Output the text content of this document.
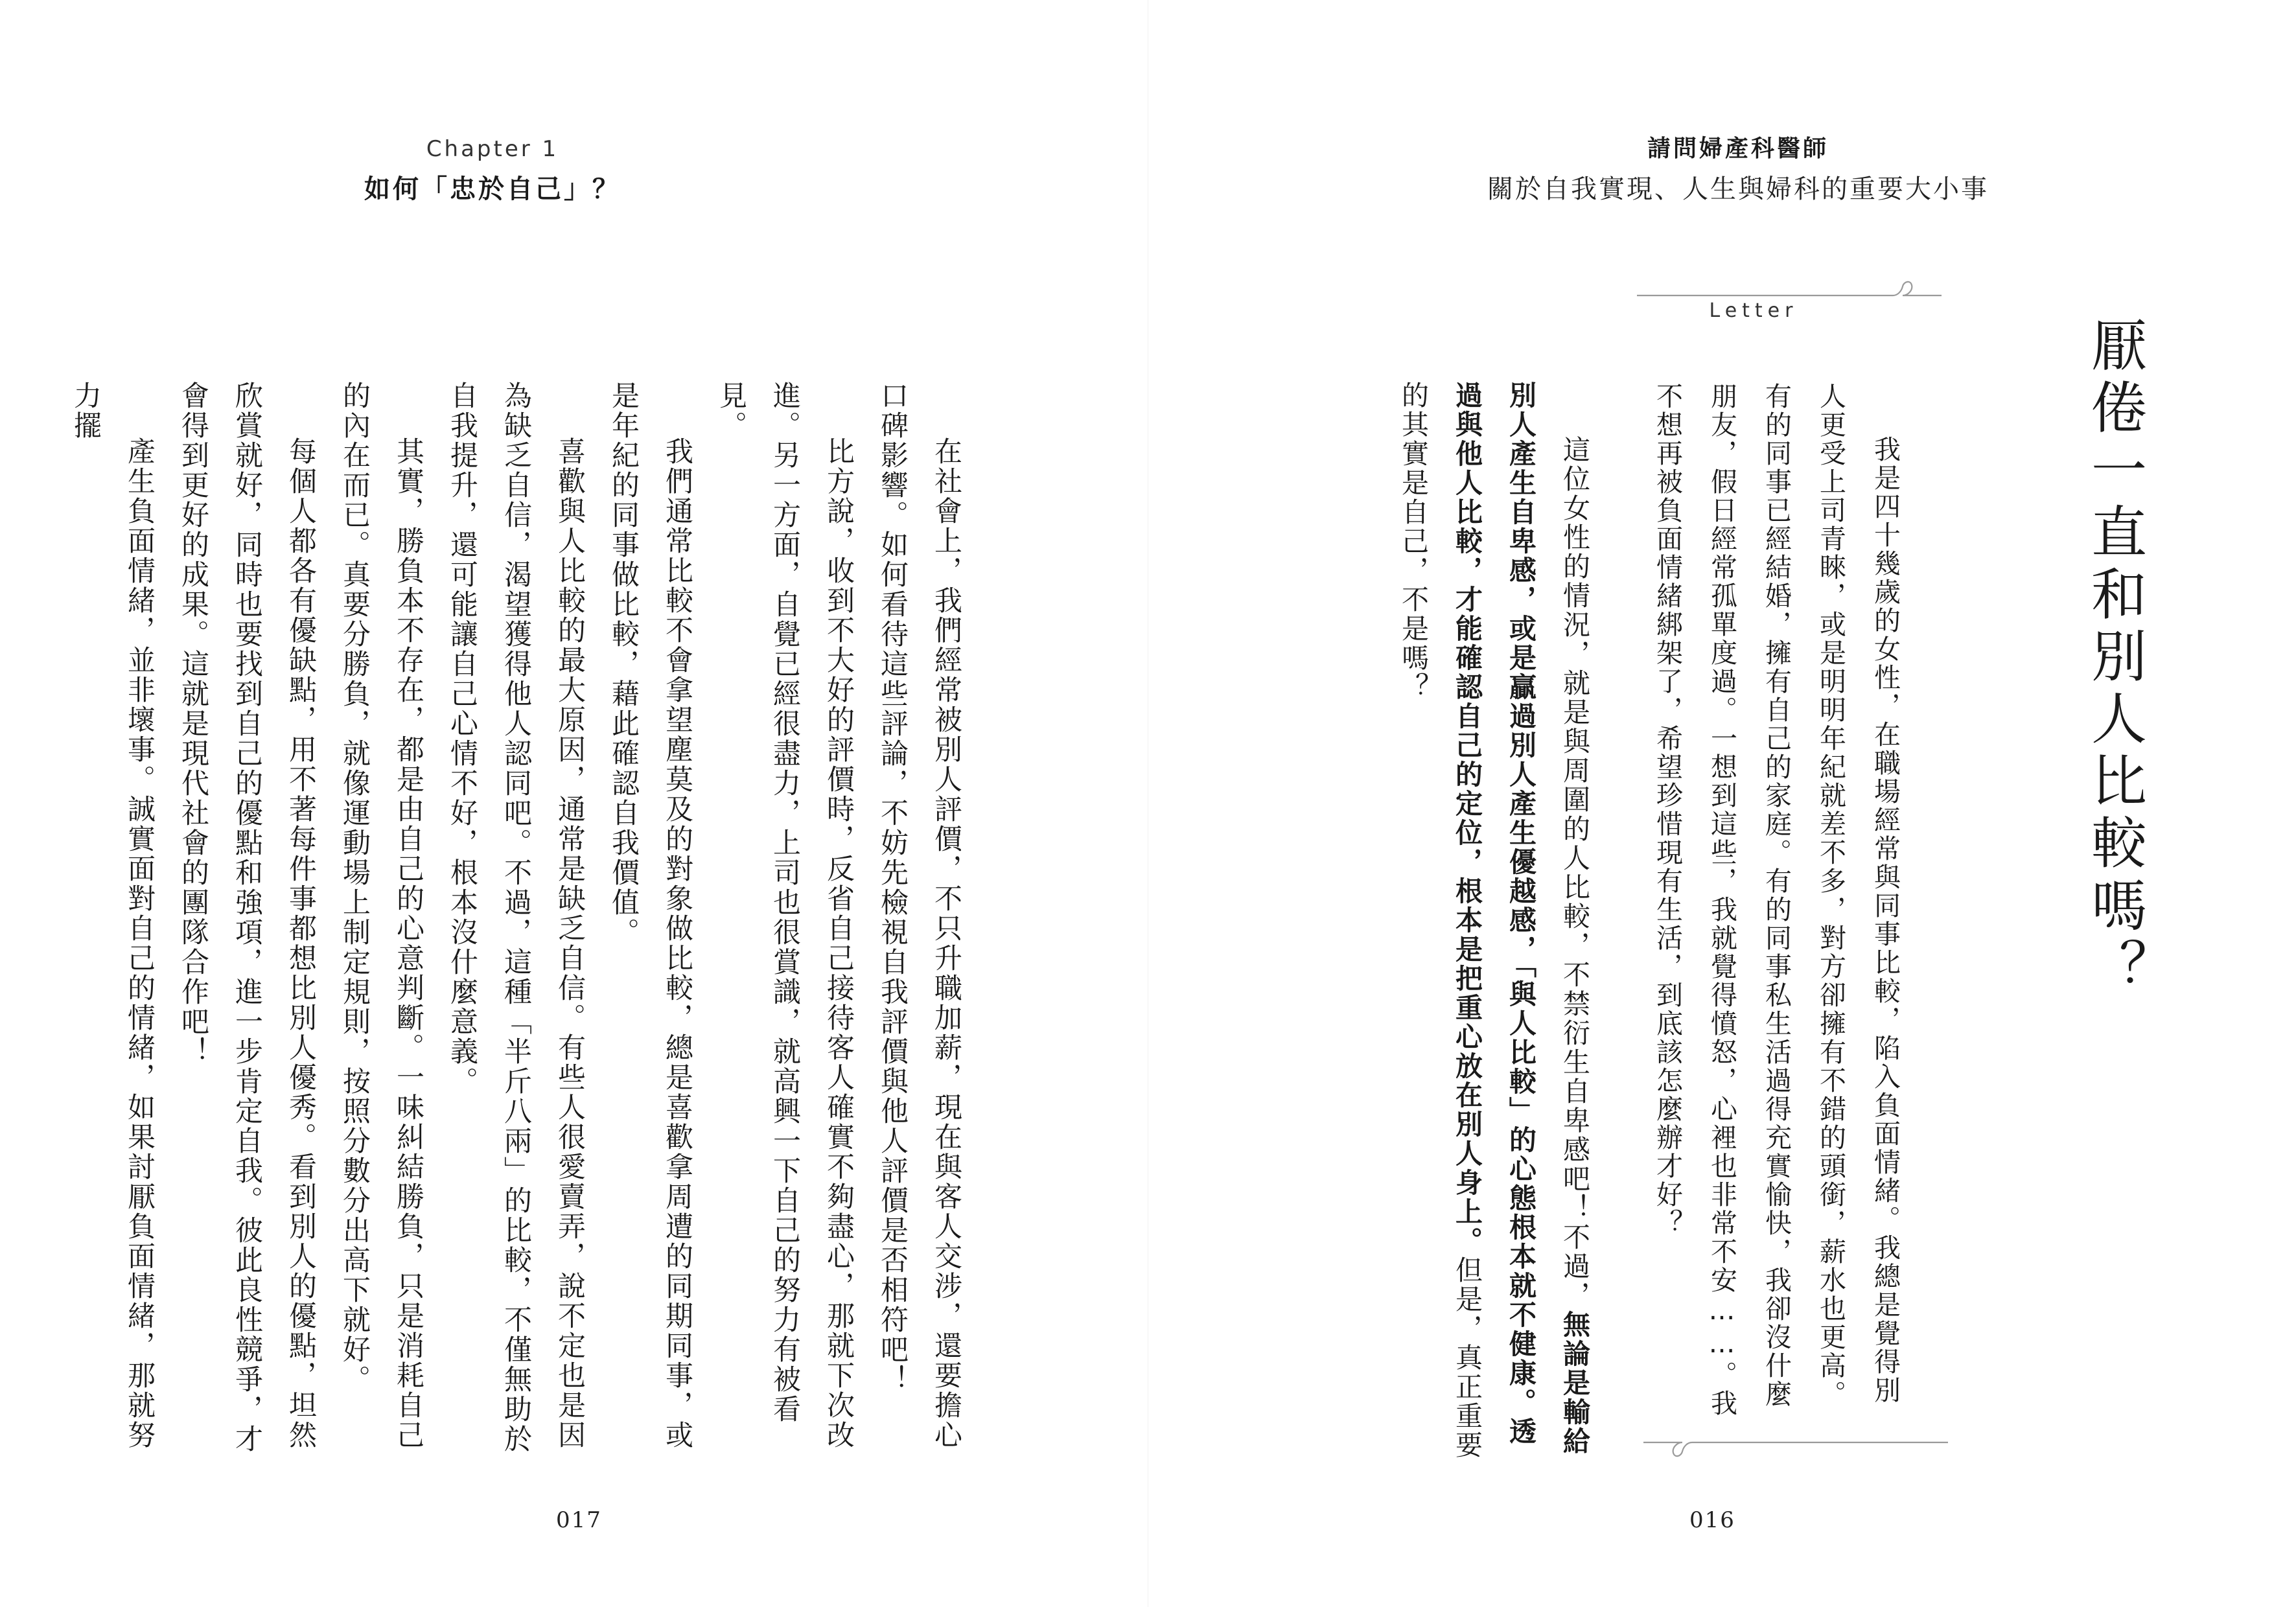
Chapter 1
如何「忠於自己」？

在社會上，我們經常被別人評價，不只升職加薪，現在與客人交涉，還要擔心口碑影響。如何看待這些評論，不妨先檢視自我評價與他人評價是否相符吧！

比方說，收到不大好的評價時，反省自己接待客人確實不夠盡心，那就下次改進。另一方面，自覺已經很盡力，上司也很賞識，就高興一下自己的努力有被看見。

我們通常比較不會拿望塵莫及的對象做比較，總是喜歡拿周遭的同期同事，或是年紀的同事做比較，藉此確認自我價值。

喜歡與人比較的最大原因，通常是缺乏自信。有些人很愛賣弄，說不定也是因為缺乏自信，渴望獲得他人認同吧。不過，這種「半斤八兩」的比較，不僅無助於自我提升，還可能讓自己心情不好，根本沒什麼意義。

其實，勝負本不存在，都是由自己的心意判斷。一味糾結勝負，只是消耗自己的內在而已。真要分勝負，就像運動場上制定規則，按照分數分出高下就好。

每個人都各有優缺點，用不著每件事都想比別人優秀。看到別人的優點，坦然欣賞就好，同時也要找到自己的優點和強項，進一步肯定自我。彼此良性競爭，才會得到更好的成果。這就是現代社會的團隊合作吧！

產生負面情緒，並非壞事。誠實面對自己的情緒，如果討厭負面情緒，那就努力擺

017
請問婦產科醫師
關於自我實現、人生與婦科的重要大小事
厭倦一直和別人比較嗎？
Letter

我是四十幾歲的女性，在職場經常與同事比較，陷入負面情緒。我總是覺得別人更受上司青睞，或是明明年紀就差不多，對方卻擁有不錯的頭銜，薪水也更高。有的同事已經結婚，擁有自己的家庭。有的同事私生活過得充實愉快，我卻沒什麼朋友，假日經常孤單度過。一想到這些，我就覺得憤怒，心裡也非常不安……。我不想再被負面情緒綁架了，希望珍惜現有生活，到底該怎麼辦才好？

這位女性的情況，就是與周圍的人比較，不禁衍生自卑感吧！不過，無論是輸給別人產生自卑感，或是贏過別人產生優越感，「與人比較」的心態根本就不健康。透過與他人比較，才能確認自己的定位，根本是把重心放在別人身上。但是，真正重要的其實是自己，不是嗎？

016
